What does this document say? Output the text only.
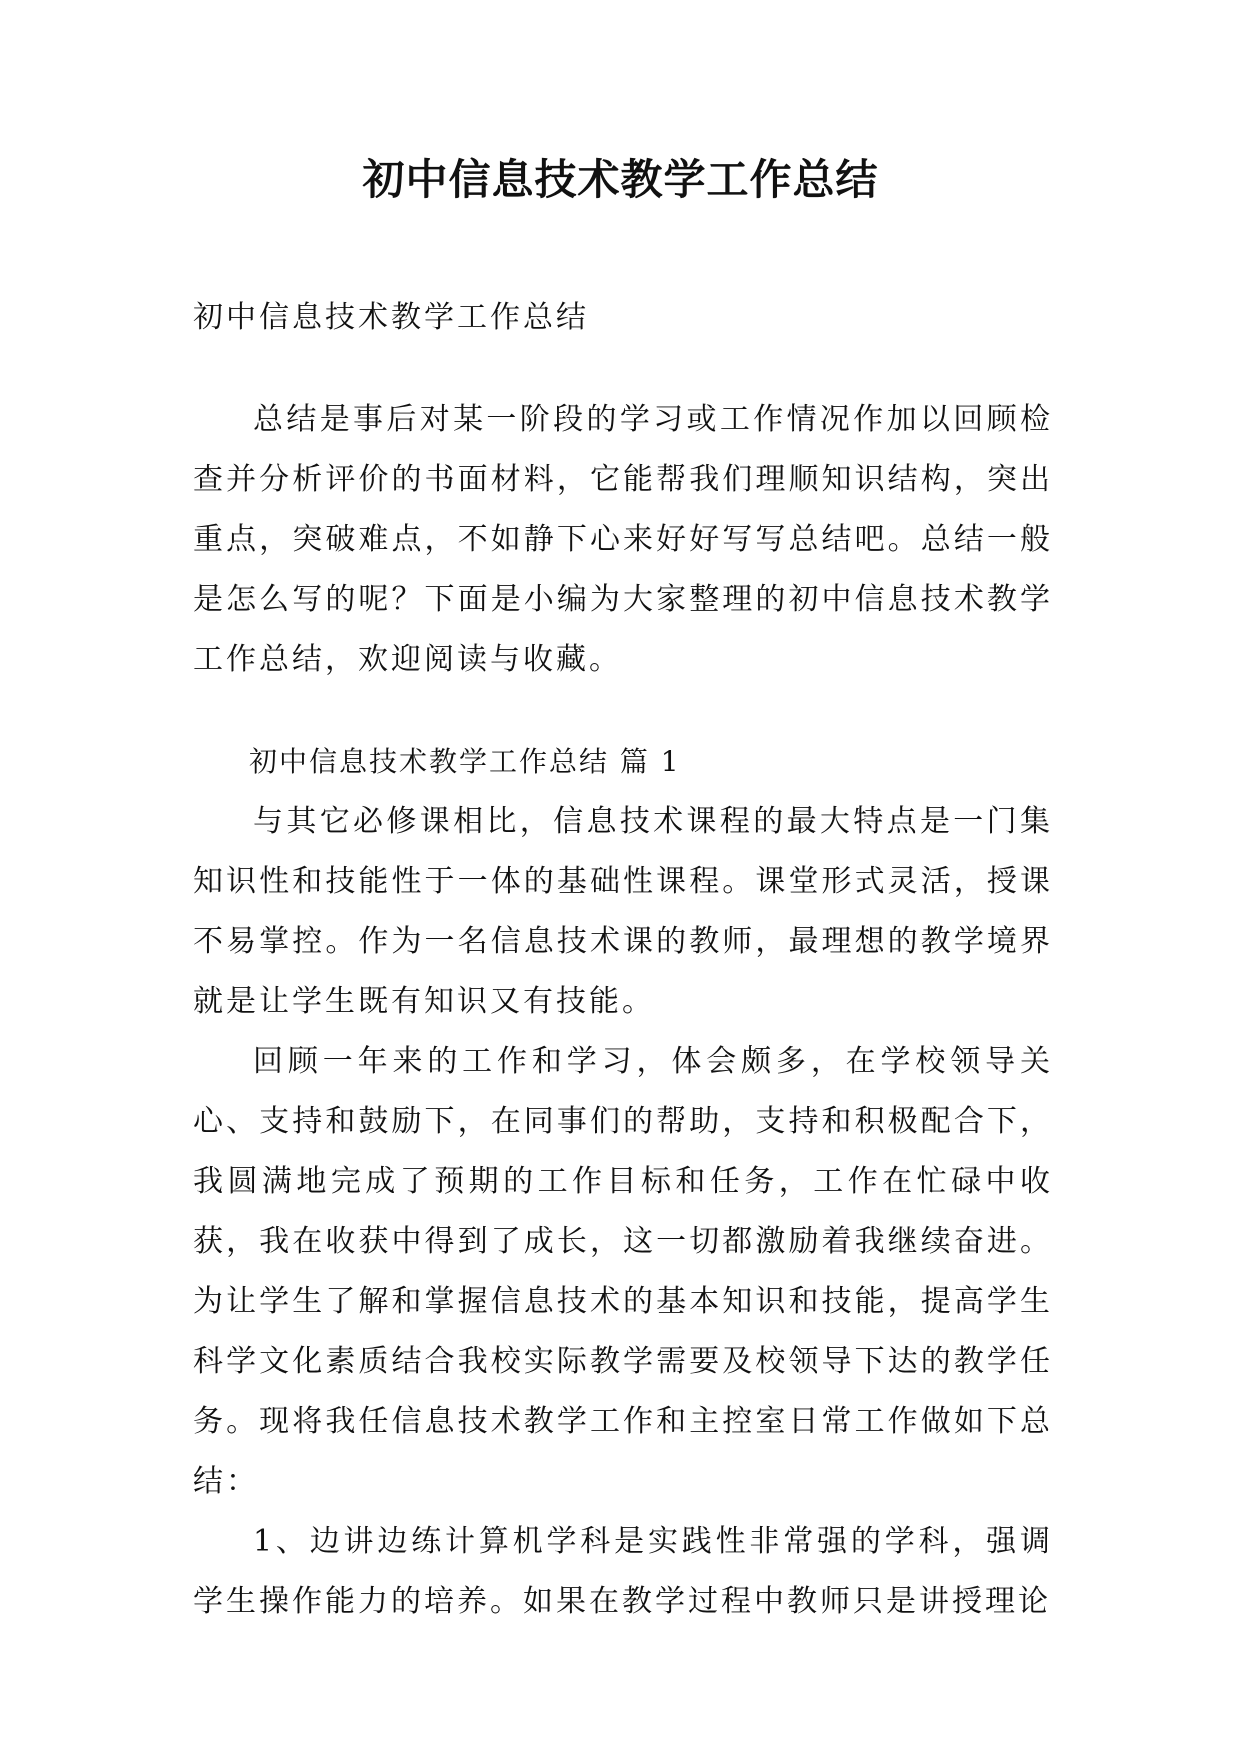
初中信息技术教学工作总结

初中信息技术教学工作总结

总结是事后对某一阶段的学习或工作情况作加以回顾检查并分析评价的书面材料，它能帮我们理顺知识结构，突出重点，突破难点，不如静下心来好好写写总结吧。总结一般是怎么写的呢？下面是小编为大家整理的初中信息技术教学工作总结，欢迎阅读与收藏。

初中信息技术教学工作总结 篇 1

与其它必修课相比，信息技术课程的最大特点是一门集知识性和技能性于一体的基础性课程。课堂形式灵活，授课不易掌控。作为一名信息技术课的教师，最理想的教学境界就是让学生既有知识又有技能。

回顾一年来的工作和学习，体会颇多，在学校领导关心、支持和鼓励下，在同事们的帮助，支持和积极配合下，我圆满地完成了预期的工作目标和任务，工作在忙碌中收获，我在收获中得到了成长，这一切都激励着我继续奋进。为让学生了解和掌握信息技术的基本知识和技能，提高学生科学文化素质结合我校实际教学需要及校领导下达的教学任务。现将我任信息技术教学工作和主控室日常工作做如下总结：

1、边讲边练计算机学科是实践性非常强的学科，强调学生操作能力的培养。如果在教学过程中教师只是讲授理论
